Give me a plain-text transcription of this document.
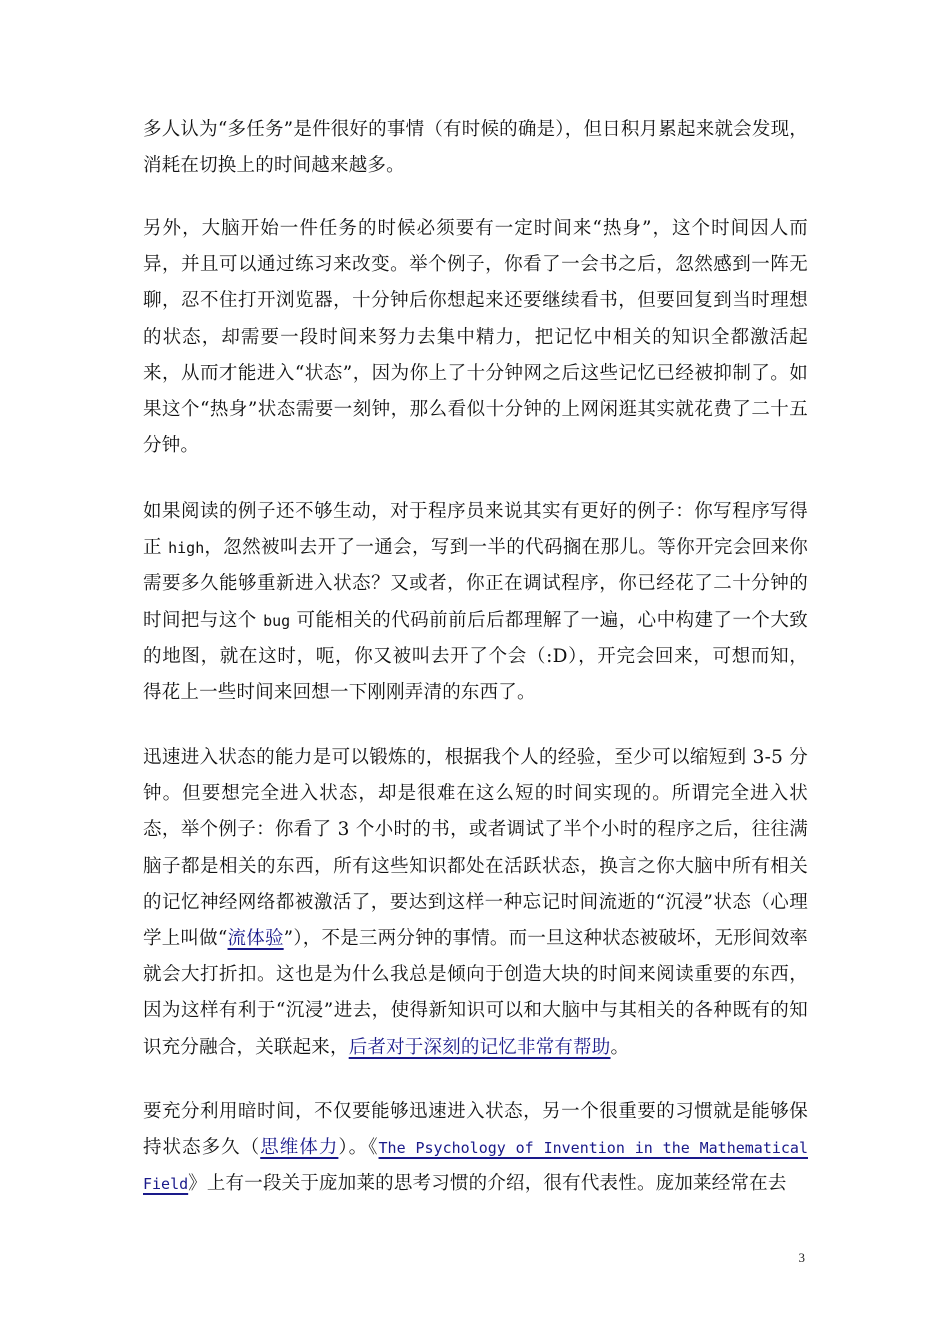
多人认为“多任务”是件很好的事情（有时候的确是），但日积月累起来就会发现，消耗在切换上的时间越来越多。

另外，大脑开始一件任务的时候必须要有一定时间来“热身”，这个时间因人而异，并且可以通过练习来改变。举个例子，你看了一会书之后，忽然感到一阵无聊，忍不住打开浏览器，十分钟后你想起来还要继续看书，但要回复到当时理想的状态，却需要一段时间来努力去集中精力，把记忆中相关的知识全都激活起来，从而才能进入“状态”，因为你上了十分钟网之后这些记忆已经被抑制了。如果这个“热身”状态需要一刻钟，那么看似十分钟的上网闲逛其实就花费了二十五分钟。

如果阅读的例子还不够生动，对于程序员来说其实有更好的例子：你写程序写得正 high，忽然被叫去开了一通会，写到一半的代码搁在那儿。等你开完会回来你需要多久能够重新进入状态？又或者，你正在调试程序，你已经花了二十分钟的时间把与这个 bug 可能相关的代码前前后后都理解了一遍，心中构建了一个大致的地图，就在这时，呃，你又被叫去开了个会（:D），开完会回来，可想而知，得花上一些时间来回想一下刚刚弄清的东西了。

迅速进入状态的能力是可以锻炼的，根据我个人的经验，至少可以缩短到 3-5 分钟。但要想完全进入状态，却是很难在这么短的时间实现的。所谓完全进入状态，举个例子：你看了 3 个小时的书，或者调试了半个小时的程序之后，往往满脑子都是相关的东西，所有这些知识都处在活跃状态，换言之你大脑中所有相关的记忆神经网络都被激活了，要达到这样一种忘记时间流逝的“沉浸”状态（心理学上叫做“流体验”），不是三两分钟的事情。而一旦这种状态被破坏，无形间效率就会大打折扣。这也是为什么我总是倾向于创造大块的时间来阅读重要的东西，因为这样有利于“沉浸”进去，使得新知识可以和大脑中与其相关的各种既有的知识充分融合，关联起来，后者对于深刻的记忆非常有帮助。

要充分利用暗时间，不仅要能够迅速进入状态，另一个很重要的习惯就是能够保持状态多久（思维体力）。《The Psychology of Invention in the Mathematical Field》上有一段关于庞加莱的思考习惯的介绍，很有代表性。庞加莱经常在去

3
